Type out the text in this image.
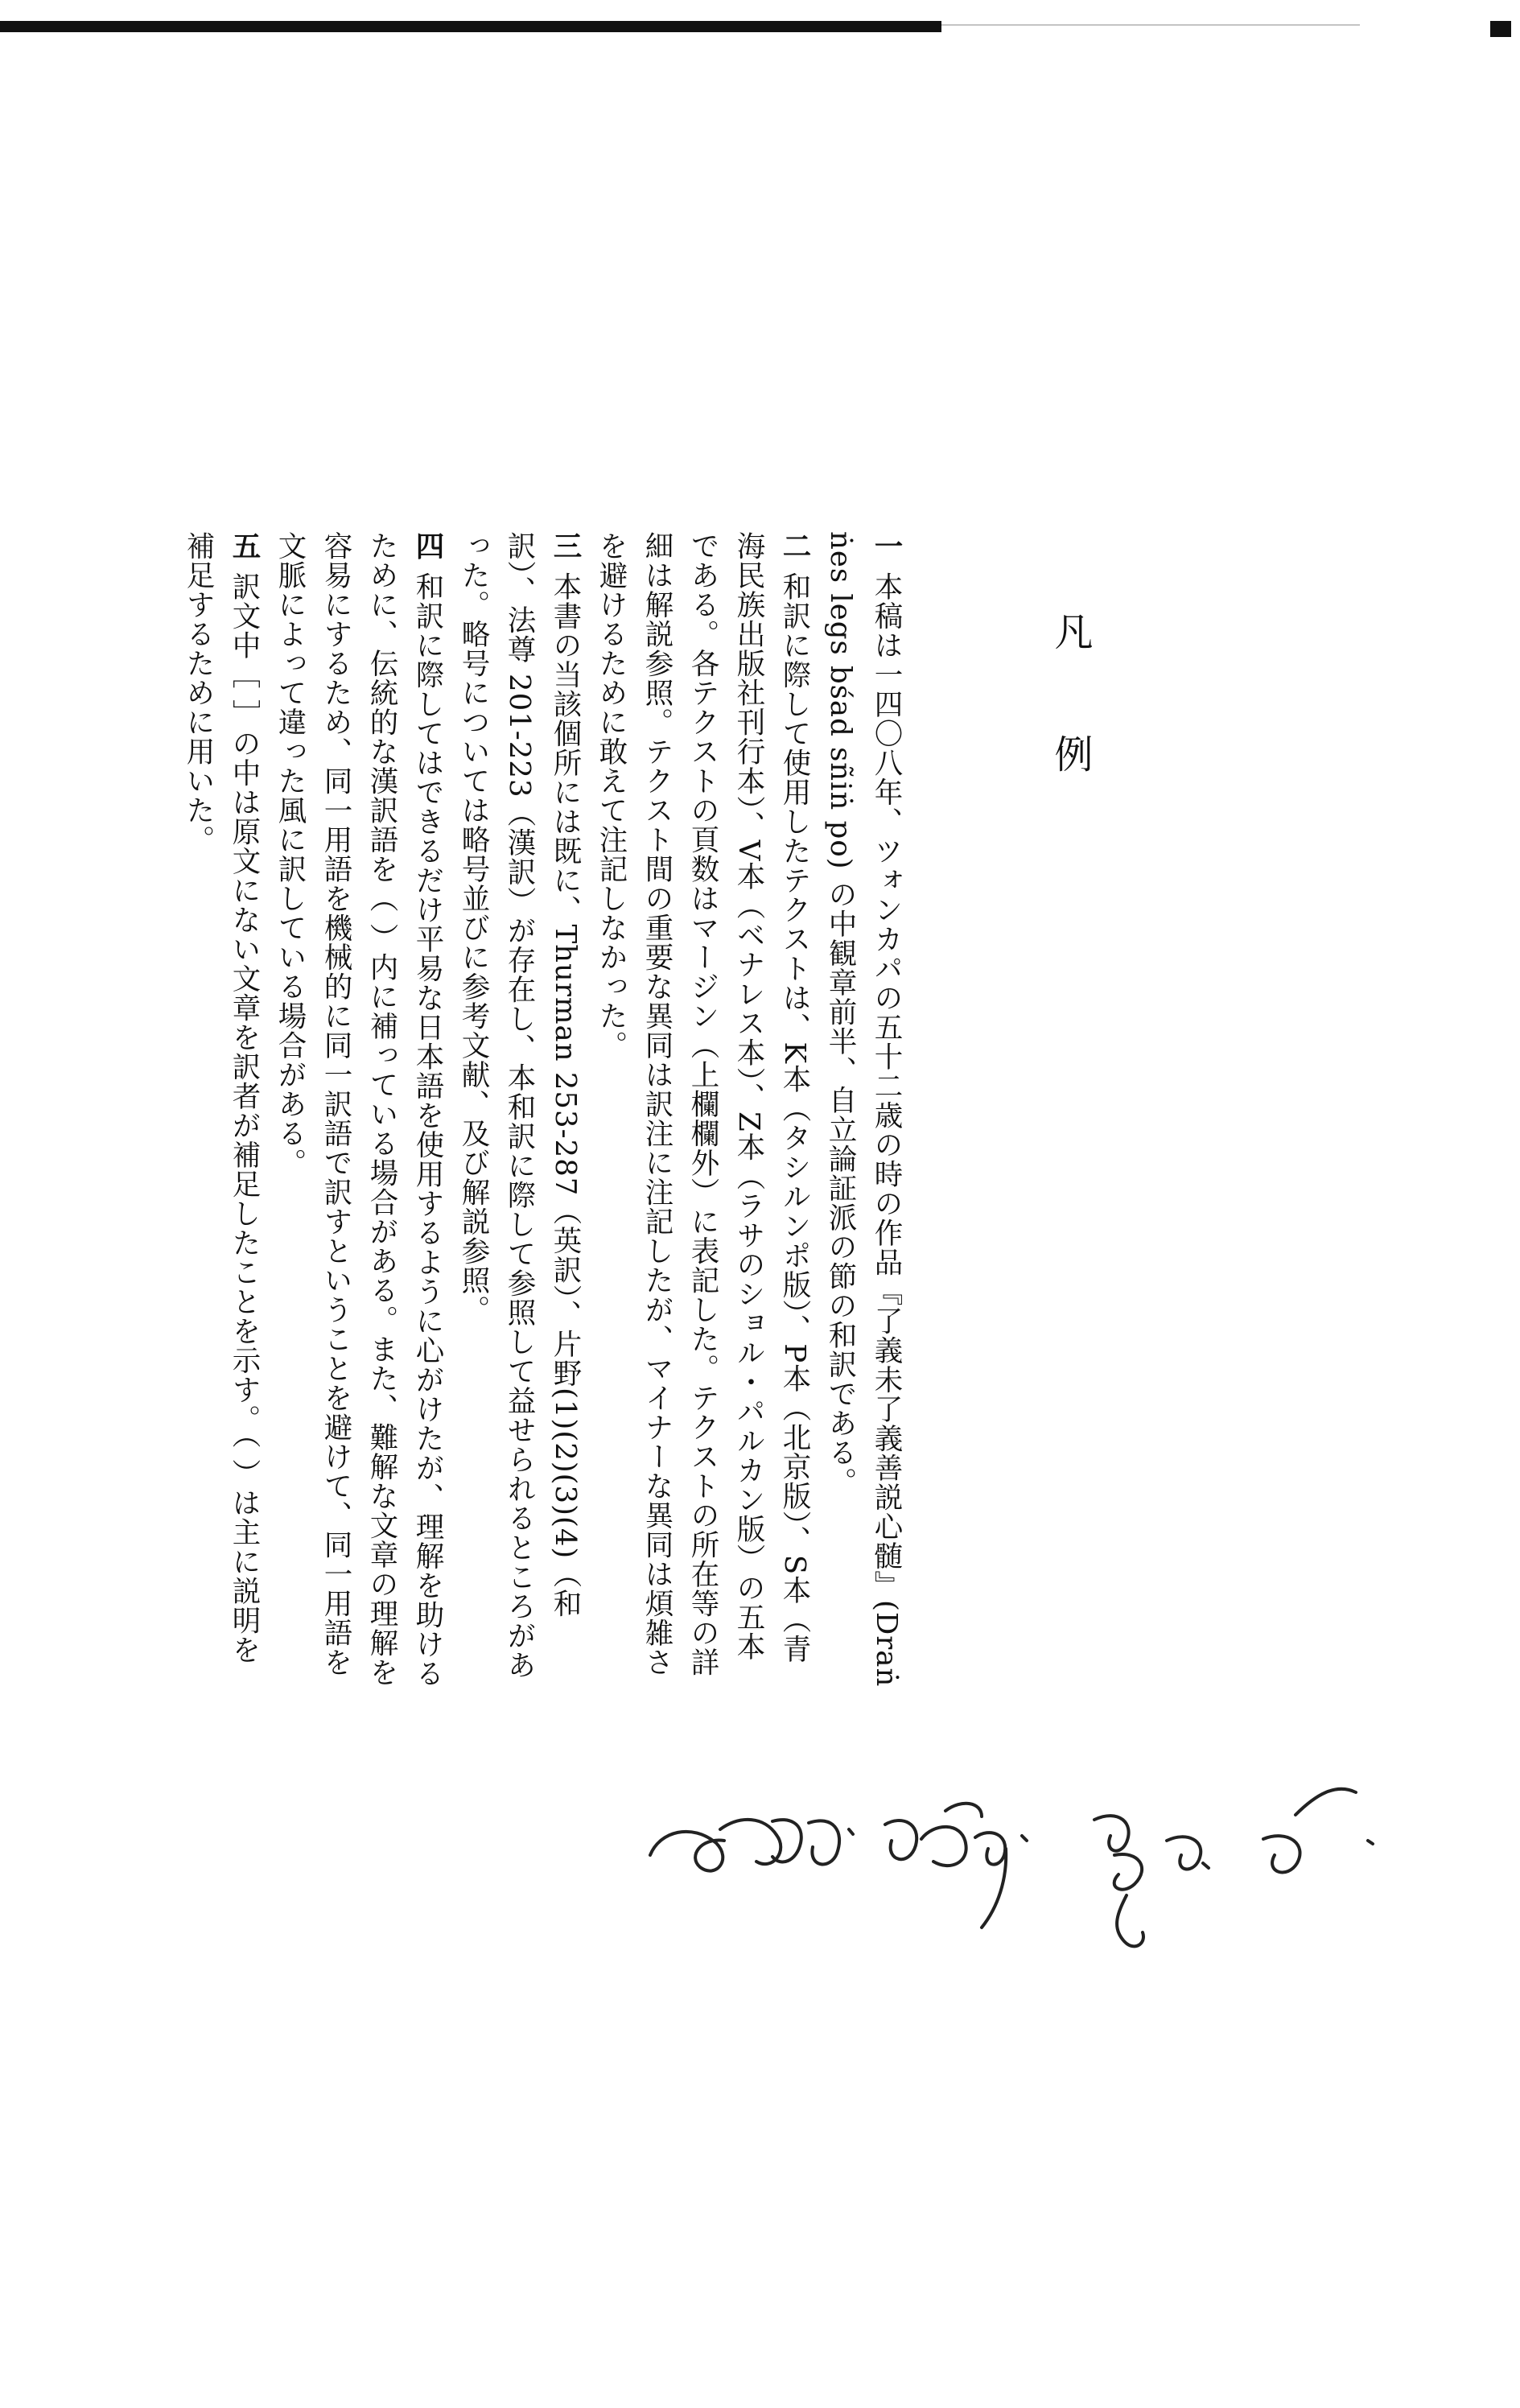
凡　例

一本稿は一四〇八年、ツォンカパの五十二歳の時の作品『了義未了義善説心髄』(Draṅ ṅes legs bśad sñiṅ po) の中観章前半、自立論証派の節の和訳である。

二和訳に際して使用したテクストは、K本（タシルンポ版）、P本（北京版）、S本（青海民族出版社刊行本）、V本（ベナレス本）、Z本（ラサのショル・パルカン版）の五本である。各テクストの頁数はマージン（上欄欄外）に表記した。テクストの所在等の詳細は解説参照。テクスト間の重要な異同は訳注に注記したが、マイナーな異同は煩雑さを避けるために敢えて注記しなかった。

三本書の当該個所には既に、Thurman 253-287（英訳）、片野(1)(2)(3)(4)（和訳）、法尊 201-223（漢訳）が存在し、本和訳に際して参照して益せられるところがあった。略号については略号並びに参考文献、及び解説参照。

四和訳に際してはできるだけ平易な日本語を使用するように心がけたが、理解を助けるために、伝統的な漢訳語を（ ）内に補っている場合がある。また、難解な文章の理解を容易にするため、同一用語を機械的に同一訳語で訳すということを避けて、同一用語を文脈によって違った風に訳している場合がある。

五訳文中［ ］の中は原文にない文章を訳者が補足したことを示す。（ ）は主に説明を補足するために用いた。
